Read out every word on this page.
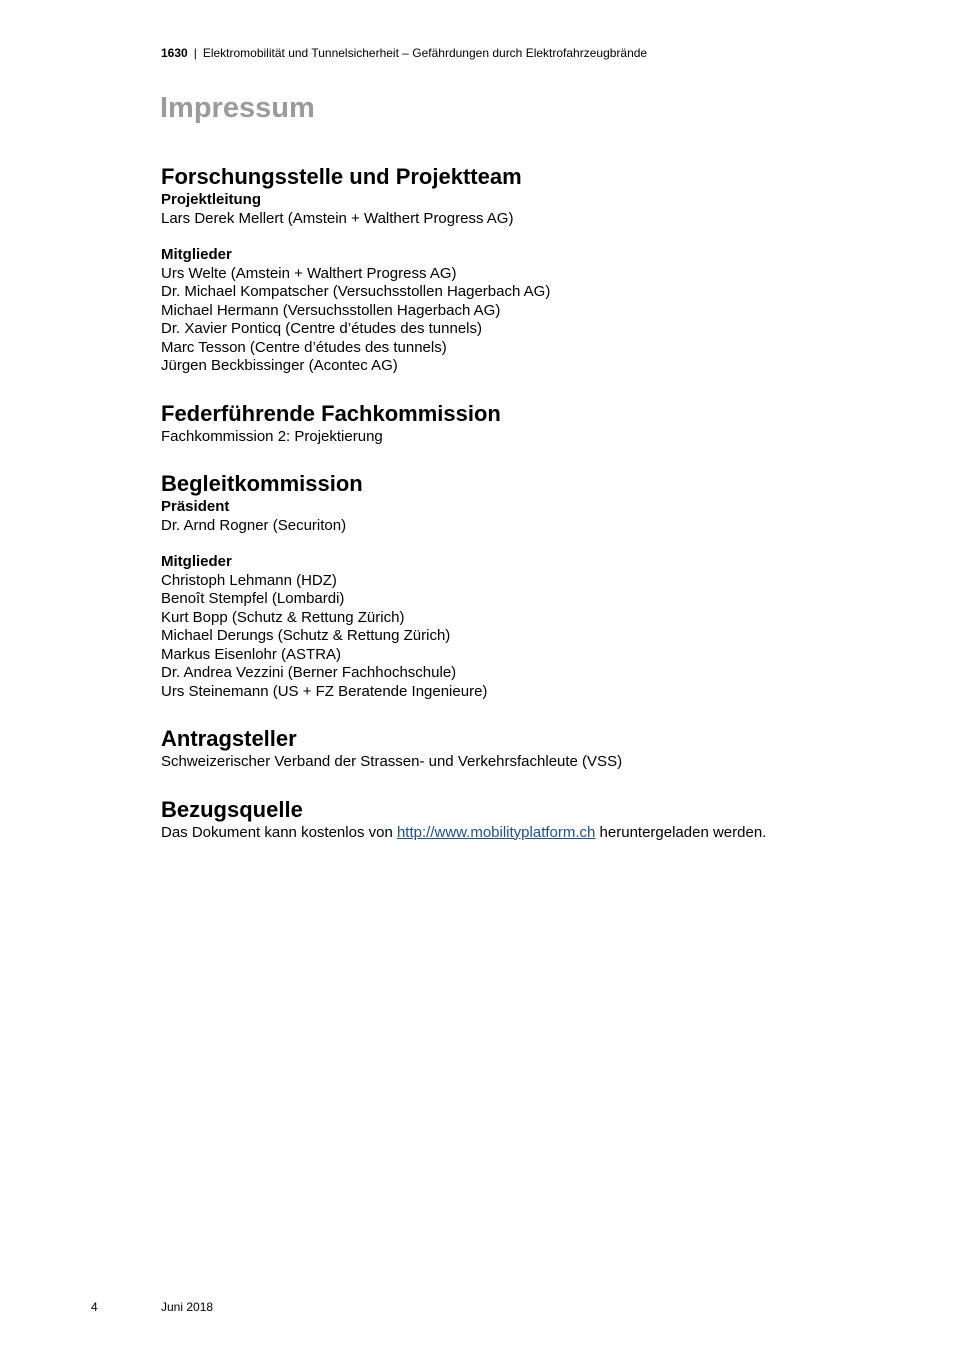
1630 | Elektromobilität und Tunnelsicherheit – Gefährdungen durch Elektrofahrzeugbrände
Impressum
Forschungsstelle und Projektteam

Projektleitung

Lars Derek Mellert (Amstein + Walthert Progress AG)

Mitglieder

Urs Welte (Amstein + Walthert Progress AG)

Dr. Michael Kompatscher (Versuchsstollen Hagerbach AG)

Michael Hermann (Versuchsstollen Hagerbach AG)

Dr. Xavier Ponticq (Centre d’études des tunnels)

Marc Tesson (Centre d’études des tunnels)

Jürgen Beckbissinger (Acontec AG)

Federführende Fachkommission

Fachkommission 2: Projektierung

Begleitkommission

Präsident

Dr. Arnd Rogner (Securiton)

Mitglieder

Christoph Lehmann (HDZ)

Benoît Stempfel (Lombardi)

Kurt Bopp (Schutz & Rettung Zürich)

Michael Derungs (Schutz & Rettung Zürich)

Markus Eisenlohr (ASTRA)

Dr. Andrea Vezzini (Berner Fachhochschule)

Urs Steinemann (US + FZ Beratende Ingenieure)

Antragsteller

Schweizerischer Verband der Strassen- und Verkehrsfachleute (VSS)

Bezugsquelle

Das Dokument kann kostenlos von http://www.mobilityplatform.ch heruntergeladen werden.

4	Juni 2018
